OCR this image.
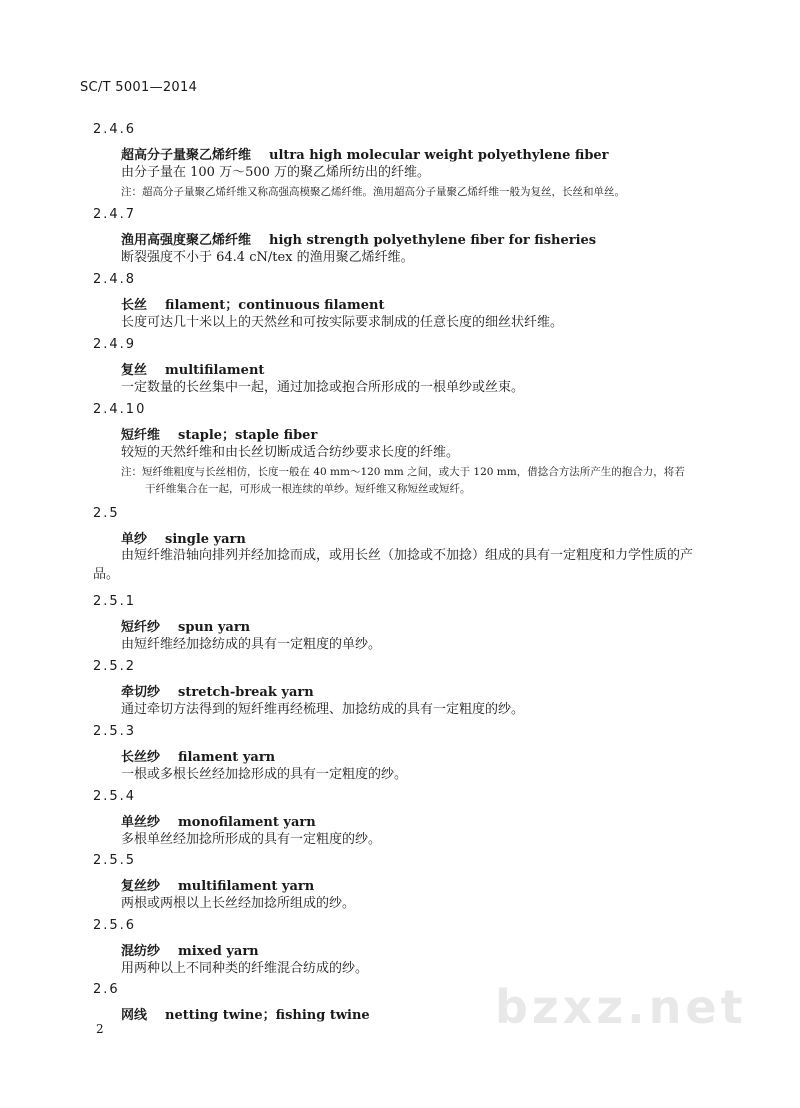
SC/T 5001—2014
2.4.6
超高分子量聚乙烯纤维 ultra high molecular weight polyethylene fiber
由分子量在 100 万～500 万的聚乙烯所纺出的纤维。
注：超高分子量聚乙烯纤维又称高强高模聚乙烯纤维。渔用超高分子量聚乙烯纤维一般为复丝，长丝和单丝。
2.4.7
渔用高强度聚乙烯纤维 high strength polyethylene fiber for fisheries
断裂强度不小于 64.4 cN/tex 的渔用聚乙烯纤维。
2.4.8
长丝 filament；continuous filament
长度可达几十米以上的天然丝和可按实际要求制成的任意长度的细丝状纤维。
2.4.9
复丝 multifilament
一定数量的长丝集中一起，通过加捻或抱合所形成的一根单纱或丝束。
2.4.10
短纤维 staple；staple fiber
较短的天然纤维和由长丝切断成适合纺纱要求长度的纤维。
注：短纤维粗度与长丝相仿，长度一般在 40 mm～120 mm 之间，或大于 120 mm，借捻合方法所产生的抱合力，将若
干纤维集合在一起，可形成一根连续的单纱。短纤维又称短丝或短纤。
2.5
单纱 single yarn
由短纤维沿轴向排列并经加捻而成，或用长丝（加捻或不加捻）组成的具有一定粗度和力学性质的产品。
2.5.1
短纤纱 spun yarn
由短纤维经加捻纺成的具有一定粗度的单纱。
2.5.2
牵切纱 stretch-break yarn
通过牵切方法得到的短纤维再经梳理、加捻纺成的具有一定粗度的纱。
2.5.3
长丝纱 filament yarn
一根或多根长丝经加捻形成的具有一定粗度的纱。
2.5.4
单丝纱 monofilament yarn
多根单丝经加捻所形成的具有一定粗度的纱。
2.5.5
复丝纱 multifilament yarn
两根或两根以上长丝经加捻所组成的纱。
2.5.6
混纺纱 mixed yarn
用两种以上不同种类的纤维混合纺成的纱。
2.6
网线 netting twine；fishing twine	bzxz.net
2
